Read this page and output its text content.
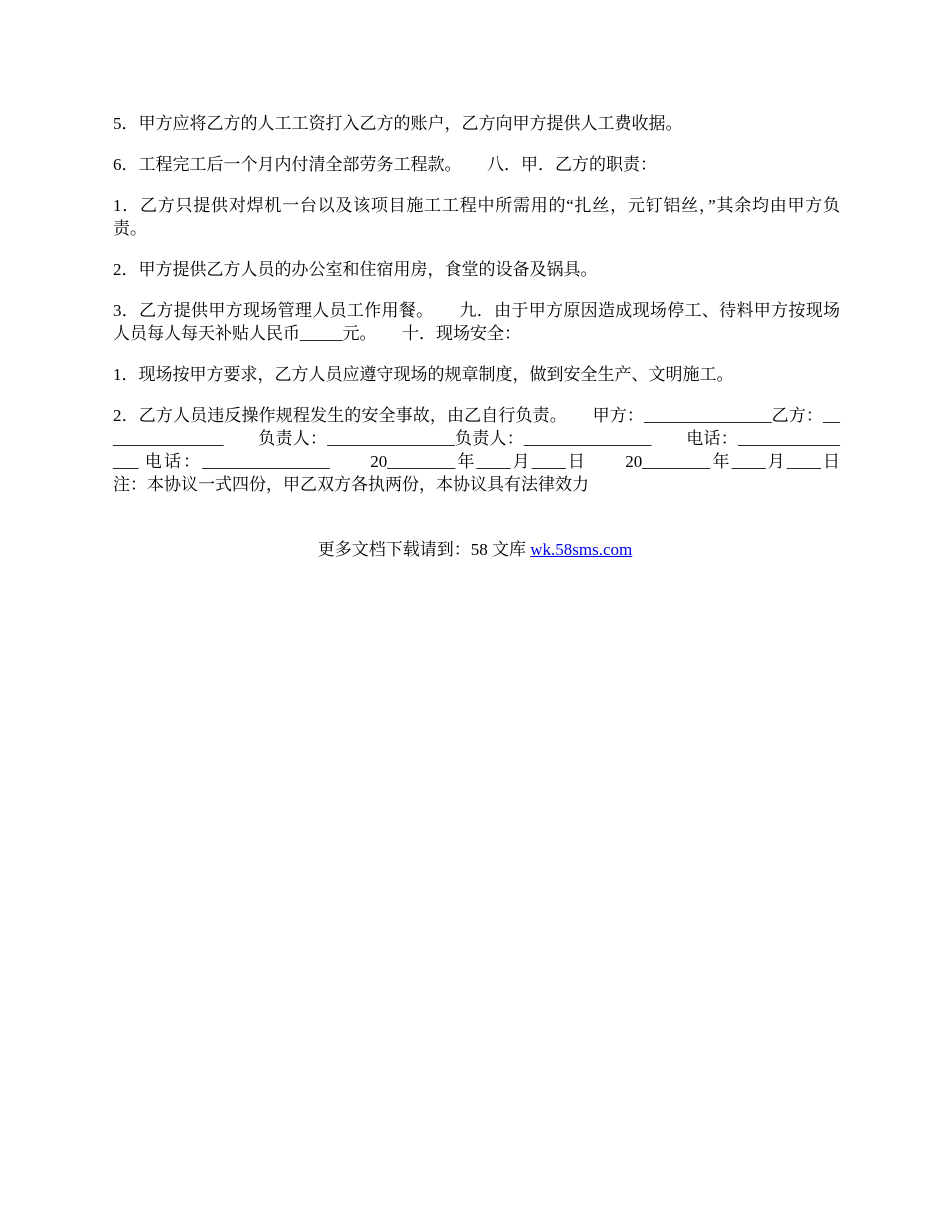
5．甲方应将乙方的人工工资打入乙方的账户，乙方向甲方提供人工费收据。

6．工程完工后一个月内付清全部劳务工程款。　　八．甲．乙方的职责：

1．乙方只提供对焊机一台以及该项目施工工程中所需用的“扎丝，元钉铝丝，”其余均由甲方负责。

2．甲方提供乙方人员的办公室和住宿用房，食堂的设备及锅具。

3．乙方提供甲方现场管理人员工作用餐。　　九．由于甲方原因造成现场停工、待料甲方按现场人员每人每天补贴人民币_____元。　　十．现场安全：

1．现场按甲方要求，乙方人员应遵守现场的规章制度，做到安全生产、文明施工。

2．乙方人员违反操作规程发生的安全事故，由乙自行负责。　　甲方：_______________乙方：_______________　　负责人：_______________负责人：_______________　　电话：_______________ 电话：_______________　　20________年____月____日　　20________年____月____日　　注：本协议一式四份，甲乙双方各执两份，本协议具有法律效力

更多文档下载请到：58 文库 wk.58sms.com
